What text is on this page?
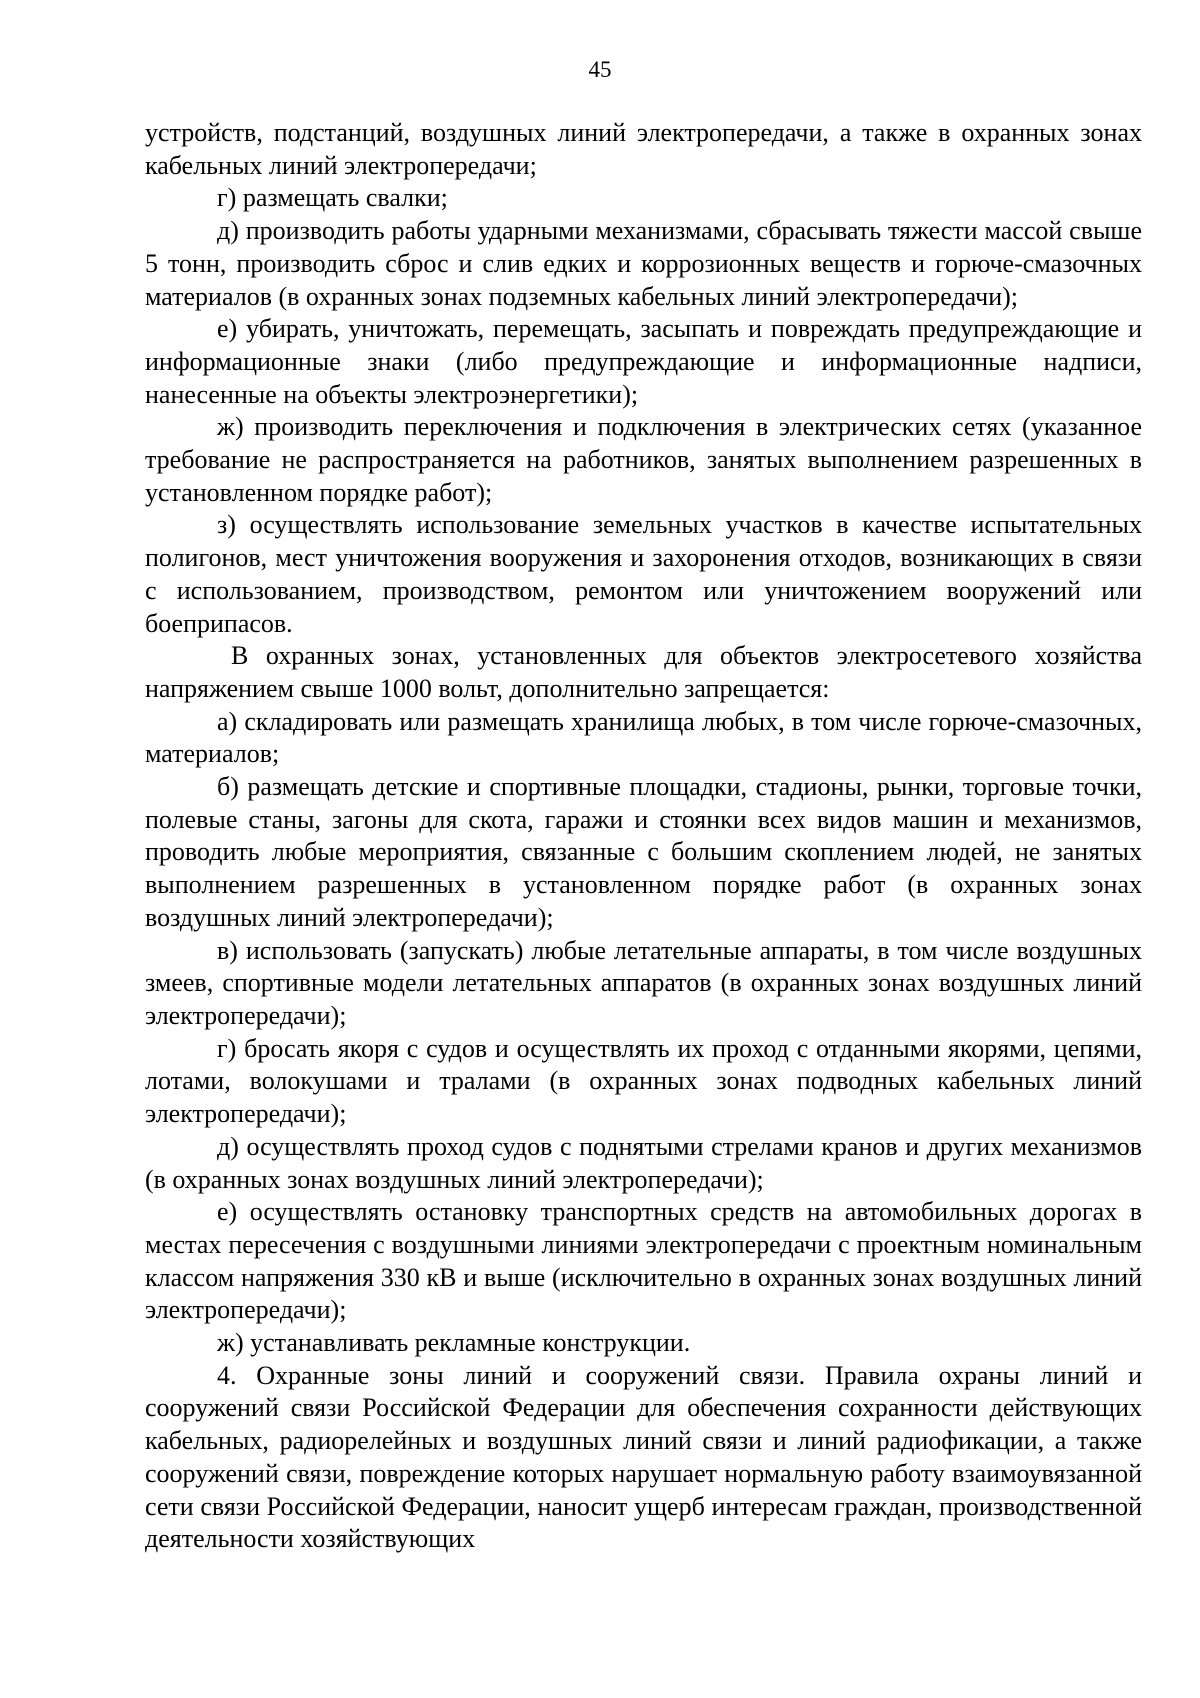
45

устройств, подстанций, воздушных линий электропередачи, а также в охранных зонах кабельных линий электропередачи;

г) размещать свалки;

д) производить работы ударными механизмами, сбрасывать тяжести массой свыше 5 тонн, производить сброс и слив едких и коррозионных веществ и горюче-смазочных материалов (в охранных зонах подземных кабельных линий электропередачи);

е) убирать, уничтожать, перемещать, засыпать и повреждать предупреждающие и информационные знаки (либо предупреждающие и информационные надписи, нанесенные на объекты электроэнергетики);

ж) производить переключения и подключения в электрических сетях (указанное требование не распространяется на работников, занятых выполнением разрешенных в установленном порядке работ);

з) осуществлять использование земельных участков в качестве испытательных полигонов, мест уничтожения вооружения и захоронения отходов, возникающих в связи с использованием, производством, ремонтом или уничтожением вооружений или боеприпасов.

В охранных зонах, установленных для объектов электросетевого хозяйства напряжением свыше 1000 вольт, дополнительно запрещается:

а) складировать или размещать хранилища любых, в том числе горюче-смазочных, материалов;

б) размещать детские и спортивные площадки, стадионы, рынки, торговые точки, полевые станы, загоны для скота, гаражи и стоянки всех видов машин и механизмов, проводить любые мероприятия, связанные с большим скоплением людей, не занятых выполнением разрешенных в установленном порядке работ (в охранных зонах воздушных линий электропередачи);

в) использовать (запускать) любые летательные аппараты, в том числе воздушных змеев, спортивные модели летательных аппаратов (в охранных зонах воздушных линий электропередачи);

г) бросать якоря с судов и осуществлять их проход с отданными якорями, цепями, лотами, волокушами и тралами (в охранных зонах подводных кабельных линий электропередачи);

д) осуществлять проход судов с поднятыми стрелами кранов и других механизмов (в охранных зонах воздушных линий электропередачи);

е) осуществлять остановку транспортных средств на автомобильных дорогах в местах пересечения с воздушными линиями электропередачи с проектным номинальным классом напряжения 330 кВ и выше (исключительно в охранных зонах воздушных линий электропередачи);

ж) устанавливать рекламные конструкции.

4. Охранные зоны линий и сооружений связи. Правила охраны линий и сооружений связи Российской Федерации для обеспечения сохранности действующих кабельных, радиорелейных и воздушных линий связи и линий радиофикации, а также сооружений связи, повреждение которых нарушает нормальную работу взаимоувязанной сети связи Российской Федерации, наносит ущерб интересам граждан, производственной деятельности хозяйствующих
